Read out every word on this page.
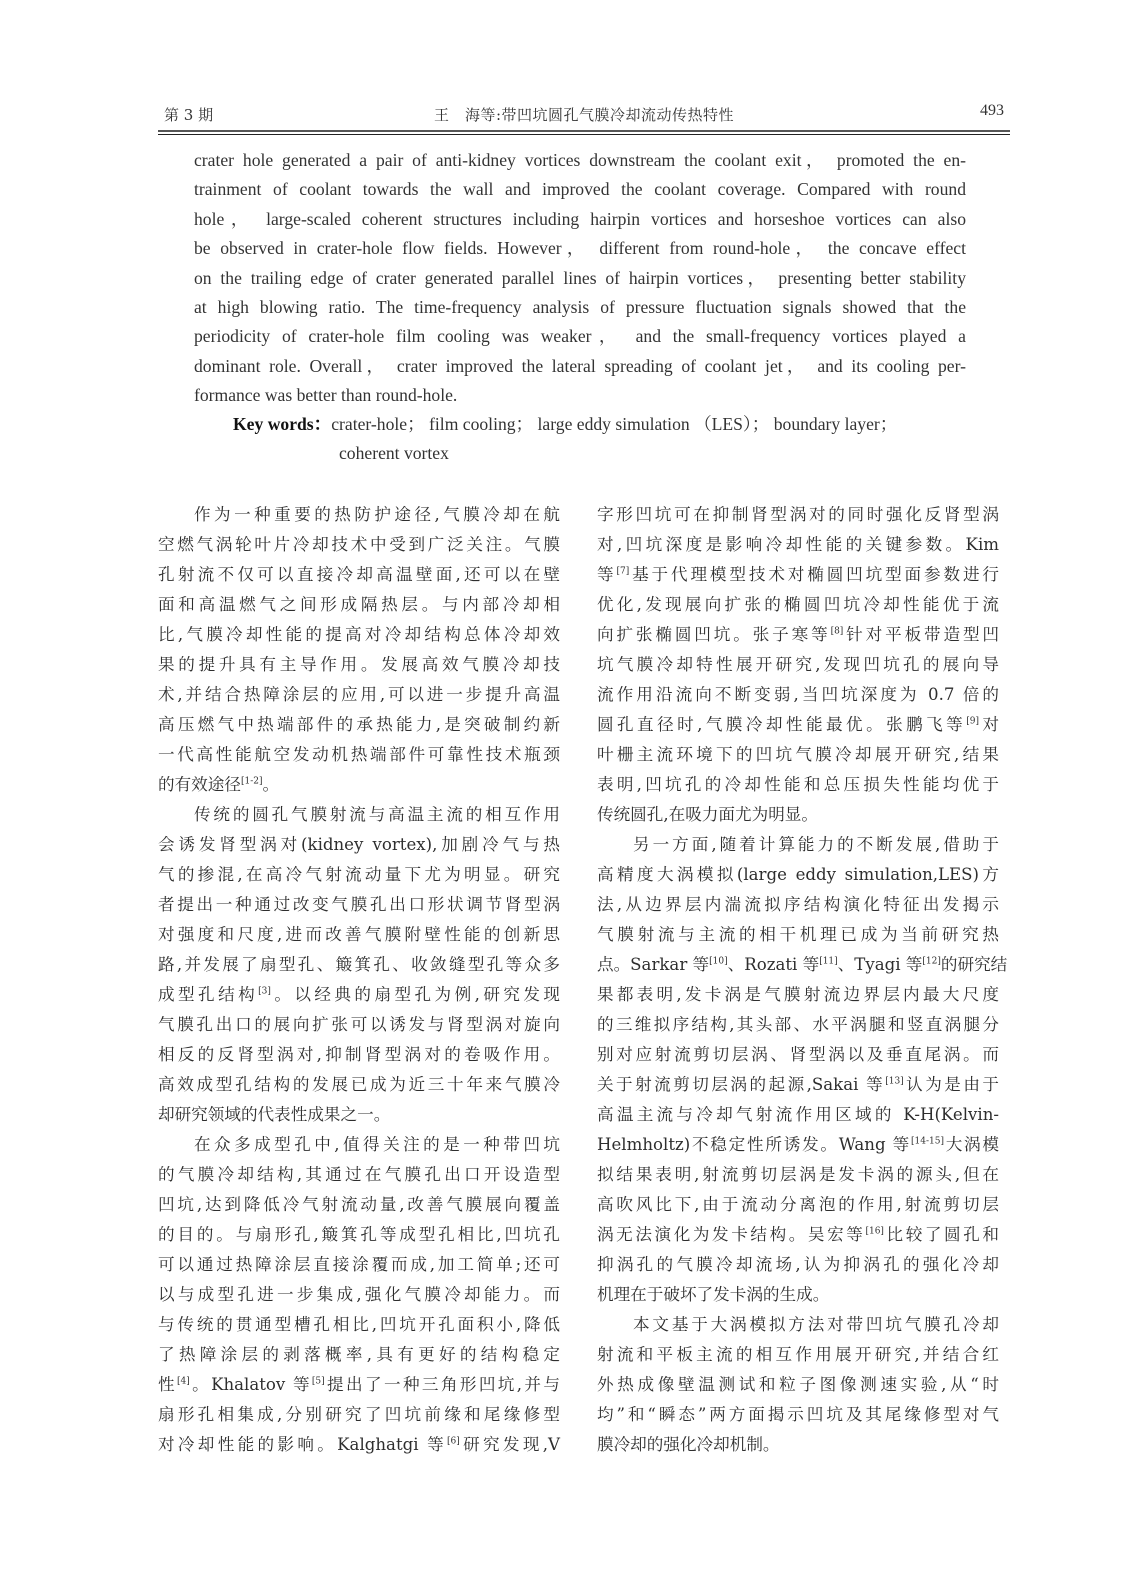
第 3 期	王　海等:带凹坑圆孔气膜冷却流动传热特性	493
crater hole generated a pair of anti-kidney vortices downstream the coolant exit， promoted the en-
trainment of coolant towards the wall and improved the coolant coverage. Compared with round
hole， large-scaled coherent structures including hairpin vortices and horseshoe vortices can also
be observed in crater-hole flow fields. However， different from round-hole， the concave effect
on the trailing edge of crater generated parallel lines of hairpin vortices， presenting better stability
at high blowing ratio. The time-frequency analysis of pressure fluctuation signals showed that the
periodicity of crater-hole film cooling was weaker， and the small-frequency vortices played a
dominant role. Overall， crater improved the lateral spreading of coolant jet， and its cooling per-
formance was better than round-hole.
Key words：crater-hole； film cooling； large eddy simulation （LES）； boundary layer；
coherent vortex
作为一种重要的热防护途径,气膜冷却在航
空燃气涡轮叶片冷却技术中受到广泛关注。气膜
孔射流不仅可以直接冷却高温壁面,还可以在壁
面和高温燃气之间形成隔热层。与内部冷却相
比,气膜冷却性能的提高对冷却结构总体冷却效
果的提升具有主导作用。发展高效气膜冷却技
术,并结合热障涂层的应用,可以进一步提升高温
高压燃气中热端部件的承热能力,是突破制约新
一代高性能航空发动机热端部件可靠性技术瓶颈
的有效途径[1-2]。
传统的圆孔气膜射流与高温主流的相互作用
会诱发肾型涡对(kidney vortex),加剧冷气与热
气的掺混,在高冷气射流动量下尤为明显。研究
者提出一种通过改变气膜孔出口形状调节肾型涡
对强度和尺度,进而改善气膜附壁性能的创新思
路,并发展了扇型孔、簸箕孔、收敛缝型孔等众多
成型孔结构[3]。以经典的扇型孔为例,研究发现
气膜孔出口的展向扩张可以诱发与肾型涡对旋向
相反的反肾型涡对,抑制肾型涡对的卷吸作用。
高效成型孔结构的发展已成为近三十年来气膜冷
却研究领域的代表性成果之一。
在众多成型孔中,值得关注的是一种带凹坑
的气膜冷却结构,其通过在气膜孔出口开设造型
凹坑,达到降低冷气射流动量,改善气膜展向覆盖
的目的。与扇形孔,簸箕孔等成型孔相比,凹坑孔
可以通过热障涂层直接涂覆而成,加工简单;还可
以与成型孔进一步集成,强化气膜冷却能力。而
与传统的贯通型槽孔相比,凹坑开孔面积小,降低
了热障涂层的剥落概率,具有更好的结构稳定
性[4]。Khalatov 等[5]提出了一种三角形凹坑,并与
扇形孔相集成,分别研究了凹坑前缘和尾缘修型
对冷却性能的影响。Kalghatgi 等[6]研究发现,V
字形凹坑可在抑制肾型涡对的同时强化反肾型涡
对,凹坑深度是影响冷却性能的关键参数。Kim
等[7]基于代理模型技术对椭圆凹坑型面参数进行
优化,发现展向扩张的椭圆凹坑冷却性能优于流
向扩张椭圆凹坑。张子寒等[8]针对平板带造型凹
坑气膜冷却特性展开研究,发现凹坑孔的展向导
流作用沿流向不断变弱,当凹坑深度为 0.7 倍的
圆孔直径时,气膜冷却性能最优。张鹏飞等[9]对
叶栅主流环境下的凹坑气膜冷却展开研究,结果
表明,凹坑孔的冷却性能和总压损失性能均优于
传统圆孔,在吸力面尤为明显。
另一方面,随着计算能力的不断发展,借助于
高精度大涡模拟(large eddy simulation,LES)方
法,从边界层内湍流拟序结构演化特征出发揭示
气膜射流与主流的相干机理已成为当前研究热
点。Sarkar 等[10]、Rozati 等[11]、Tyagi 等[12]的研究结
果都表明,发卡涡是气膜射流边界层内最大尺度
的三维拟序结构,其头部、水平涡腿和竖直涡腿分
别对应射流剪切层涡、肾型涡以及垂直尾涡。而
关于射流剪切层涡的起源,Sakai 等[13]认为是由于
高温主流与冷却气射流作用区域的 K-H(Kelvin-
Helmholtz)不稳定性所诱发。Wang 等[14-15]大涡模
拟结果表明,射流剪切层涡是发卡涡的源头,但在
高吹风比下,由于流动分离泡的作用,射流剪切层
涡无法演化为发卡结构。吴宏等[16]比较了圆孔和
抑涡孔的气膜冷却流场,认为抑涡孔的强化冷却
机理在于破坏了发卡涡的生成。
本文基于大涡模拟方法对带凹坑气膜孔冷却
射流和平板主流的相互作用展开研究,并结合红
外热成像壁温测试和粒子图像测速实验,从“时
均”和“瞬态”两方面揭示凹坑及其尾缘修型对气
膜冷却的强化冷却机制。
